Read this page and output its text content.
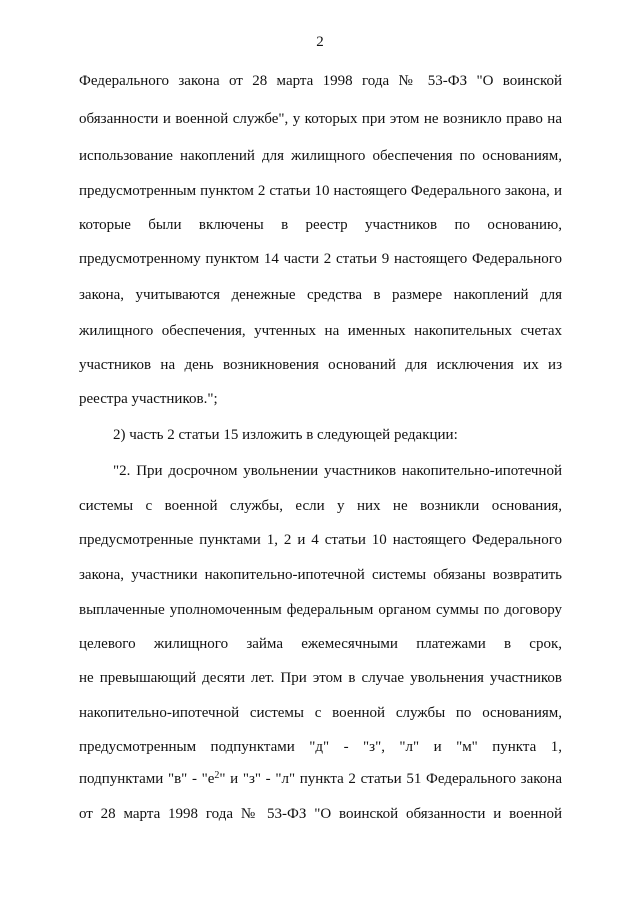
2
Федерального закона от 28 марта 1998 года № 53-ФЗ "О воинской
обязанности и военной службе", у которых при этом не возникло право на
использование накоплений для жилищного обеспечения по основаниям,
предусмотренным пунктом 2 статьи 10 настоящего Федерального закона, и
которые были включены в реестр участников по основанию,
предусмотренному пунктом 14 части 2 статьи 9 настоящего Федерального
закона, учитываются денежные средства в размере накоплений для
жилищного обеспечения, учтенных на именных накопительных счетах
участников на день возникновения оснований для исключения их из
реестра участников.";
2) часть 2 статьи 15 изложить в следующей редакции:
"2. При досрочном увольнении участников накопительно-ипотечной
системы с военной службы, если у них не возникли основания,
предусмотренные пунктами 1, 2 и 4 статьи 10 настоящего Федерального
закона, участники накопительно-ипотечной системы обязаны возвратить
выплаченные уполномоченным федеральным органом суммы по договору
целевого жилищного займа ежемесячными платежами в срок,
не превышающий десяти лет. При этом в случае увольнения участников
накопительно-ипотечной системы с военной службы по основаниям,
предусмотренным подпунктами "д" - "з", "л" и "м" пункта 1,
подпунктами "в" - "$е^2$" и "з" - "л" пункта 2 статьи 51 Федерального закона
от 28 марта 1998 года № 53-ФЗ "О воинской обязанности и военной
